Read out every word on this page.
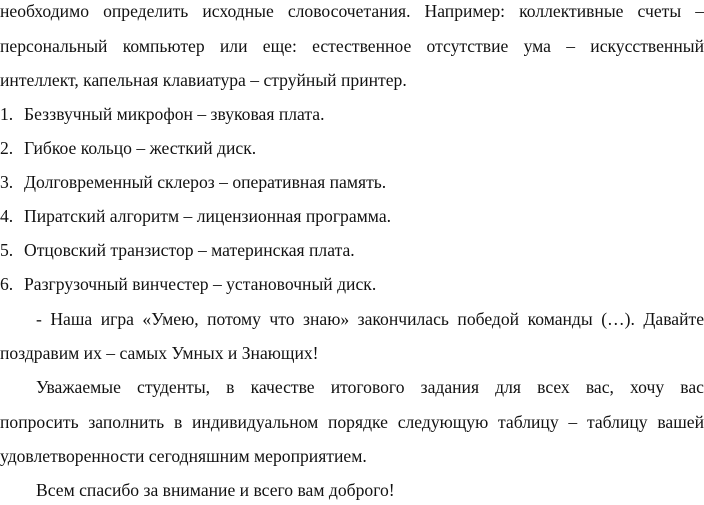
необходимо определить исходные словосочетания. Например: коллективные счеты –
персональный компьютер или еще: естественное отсутствие ума – искусственный
интеллект, капельная клавиатура – струйный принтер.
1. Беззвучный микрофон – звуковая плата.
2. Гибкое кольцо – жесткий диск.
3. Долговременный склероз – оперативная память.
4. Пиратский алгоритм – лицензионная программа.
5. Отцовский транзистор – материнская плата.
6. Разгрузочный винчестер – установочный диск.
- Наша игра «Умею, потому что знаю» закончилась победой команды (…). Давайте
поздравим их – самых Умных и Знающих!
Уважаемые студенты, в качестве итогового задания для всех вас, хочу вас
попросить заполнить в индивидуальном порядке следующую таблицу – таблицу вашей
удовлетворенности сегодняшним мероприятием.
Всем спасибо за внимание и всего вам доброго!
